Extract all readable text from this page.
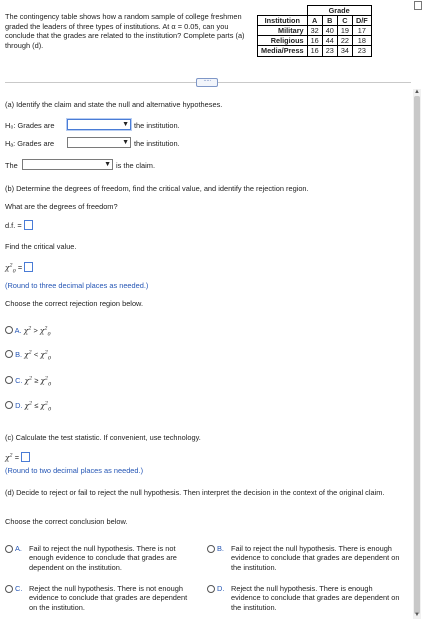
The contingency table shows how a random sample of college freshmen graded the leaders of three types of institutions. At α = 0.05, can you conclude that the grades are related to the institution? Complete parts (a) through (d).
	Grade			
Institution	A	B	C	D/F
Military	32	40	19	17
Religious	16	44	22	18
Media/Press	16	23	34	23
·····
▲
▼
(a) Identify the claim and state the null and alternative hypotheses.
H₀: Grades are	▼ the institution.
Hₐ: Grades are	▼ the institution.
The	▼ is the claim.
(b) Determine the degrees of freedom, find the critical value, and identify the rejection region.
What are the degrees of freedom?
d.f. =
Find the critical value.
$\chi^2_0$ =
(Round to three decimal places as needed.)
Choose the correct rejection region below.
A. $\chi^2 > \chi^2_0$
B. $\chi^2 < \chi^2_0$
C. $\chi^2 \ge \chi^2_0$
D. $\chi^2 \le \chi^2_0$
(c) Calculate the test statistic. If convenient, use technology.
$\chi^2$ =
(Round to two decimal places as needed.)
(d) Decide to reject or fail to reject the null hypothesis. Then interpret the decision in the context of the original claim.
Choose the correct conclusion below.
A. Fail to reject the null hypothesis. There is not enough evidence to conclude that grades are dependent on the institution.
B. Fail to reject the null hypothesis. There is enough evidence to conclude that grades are dependent on the institution.
C. Reject the null hypothesis. There is not enough evidence to conclude that grades are dependent on the institution.
D. Reject the null hypothesis. There is enough evidence to conclude that grades are dependent on the institution.
